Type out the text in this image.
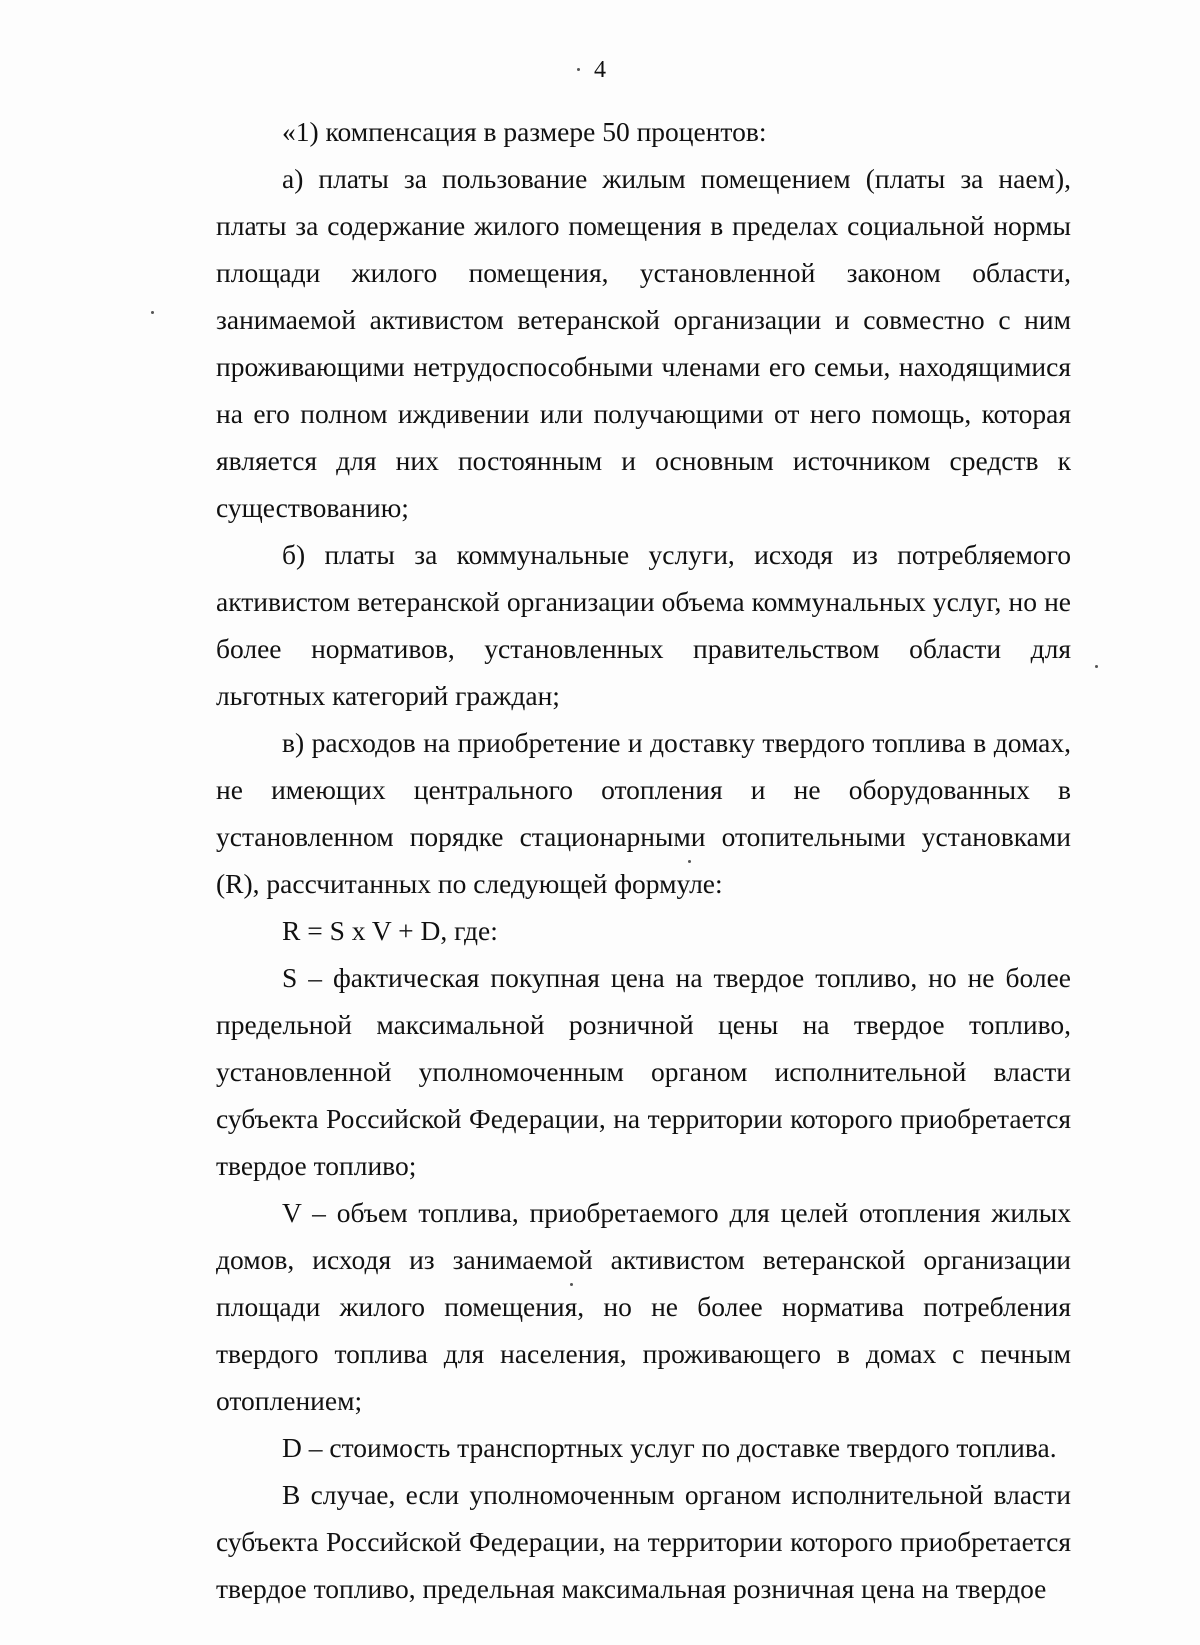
4

«1) компенсация в размере 50 процентов:

а) платы за пользование жилым помещением (платы за наем), платы за содержание жилого помещения в пределах социальной нормы площади жилого помещения, установленной законом области, занимаемой активистом ветеранской организации и совместно с ним проживающими нетрудоспособными членами его семьи, находящимися на его полном иждивении или получающими от него помощь, которая является для них постоянным и основным источником средств к существованию;

б) платы за коммунальные услуги, исходя из потребляемого активистом ветеранской организации объема коммунальных услуг, но не более нормативов, установленных правительством области для льготных категорий граждан;

в) расходов на приобретение и доставку твердого топлива в домах, не имеющих центрального отопления и не оборудованных в установленном порядке стационарными отопительными установками (R), рассчитанных по следующей формуле:

R = S x V + D, где:

S – фактическая покупная цена на твердое топливо, но не более предельной максимальной розничной цены на твердое топливо, установленной уполномоченным органом исполнительной власти субъекта Российской Федерации, на территории которого приобретается твердое топливо;

V – объем топлива, приобретаемого для целей отопления жилых домов, исходя из занимаемой активистом ветеранской организации площади жилого помещения, но не более норматива потребления твердого топлива для населения, проживающего в домах с печным отоплением;

D – стоимость транспортных услуг по доставке твердого топлива.

В случае, если уполномоченным органом исполнительной власти субъекта Российской Федерации, на территории которого приобретается твердое топливо, предельная максимальная розничная цена на твердое
